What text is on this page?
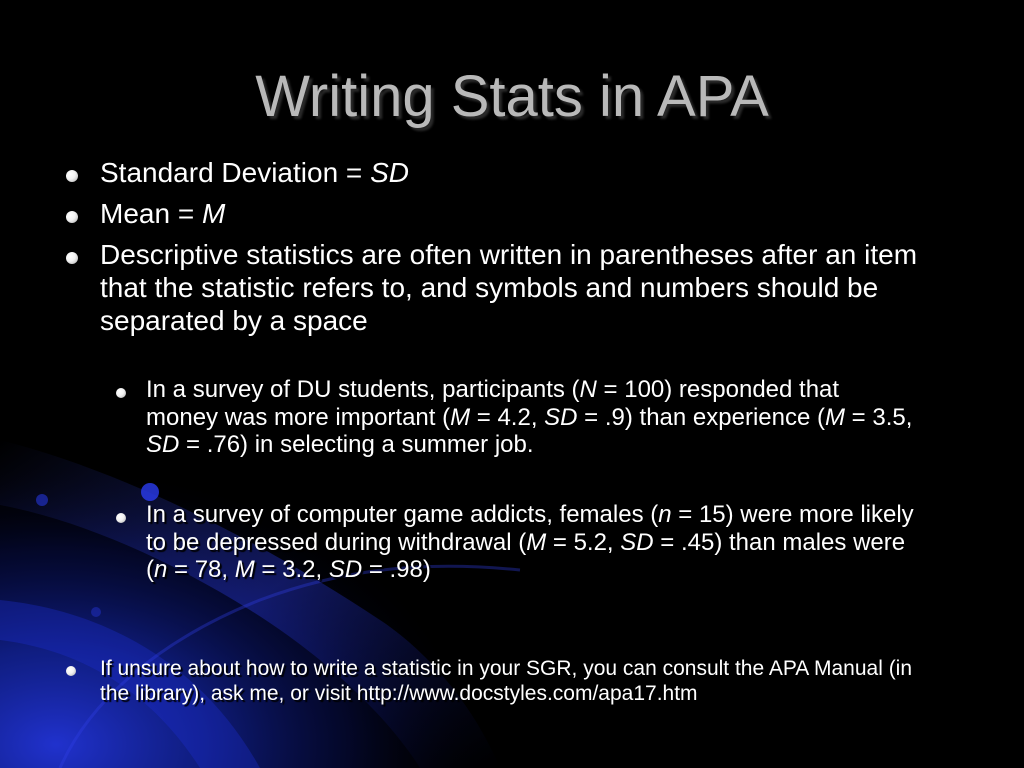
Writing Stats in APA
Standard Deviation = SD
Mean = M
Descriptive statistics are often written in parentheses after an item that the statistic refers to, and symbols and numbers should be separated by a space
In a survey of DU students, participants (N = 100) responded that money was more important (M = 4.2, SD = .9) than experience (M = 3.5, SD = .76) in selecting a summer job.
In a survey of computer game addicts, females (n = 15) were more likely to be depressed during withdrawal (M = 5.2, SD = .45) than males were (n = 78, M = 3.2, SD = .98)
If unsure about how to write a statistic in your SGR, you can consult the APA Manual (in the library), ask me, or visit http://www.docstyles.com/apa17.htm
